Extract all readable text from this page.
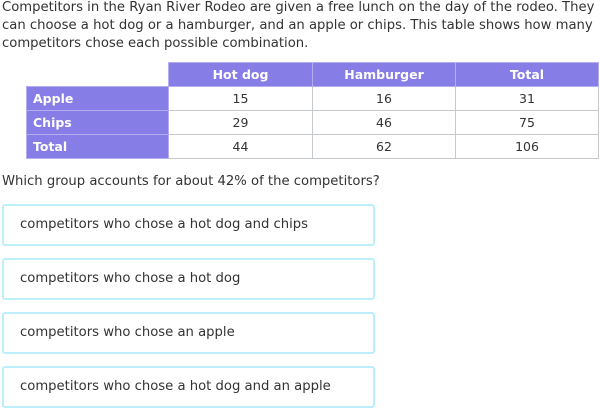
Competitors in the Ryan River Rodeo are given a free lunch on the day of the rodeo. They can choose a hot dog or a hamburger, and an apple or chips. This table shows how many competitors chose each possible combination.

	Hot dog	Hamburger	Total
Apple	15	16	31
Chips	29	46	75
Total	44	62	106

Which group accounts for about 42% of the competitors?

competitors who chose a hot dog and chips
competitors who chose a hot dog
competitors who chose an apple
competitors who chose a hot dog and an apple
